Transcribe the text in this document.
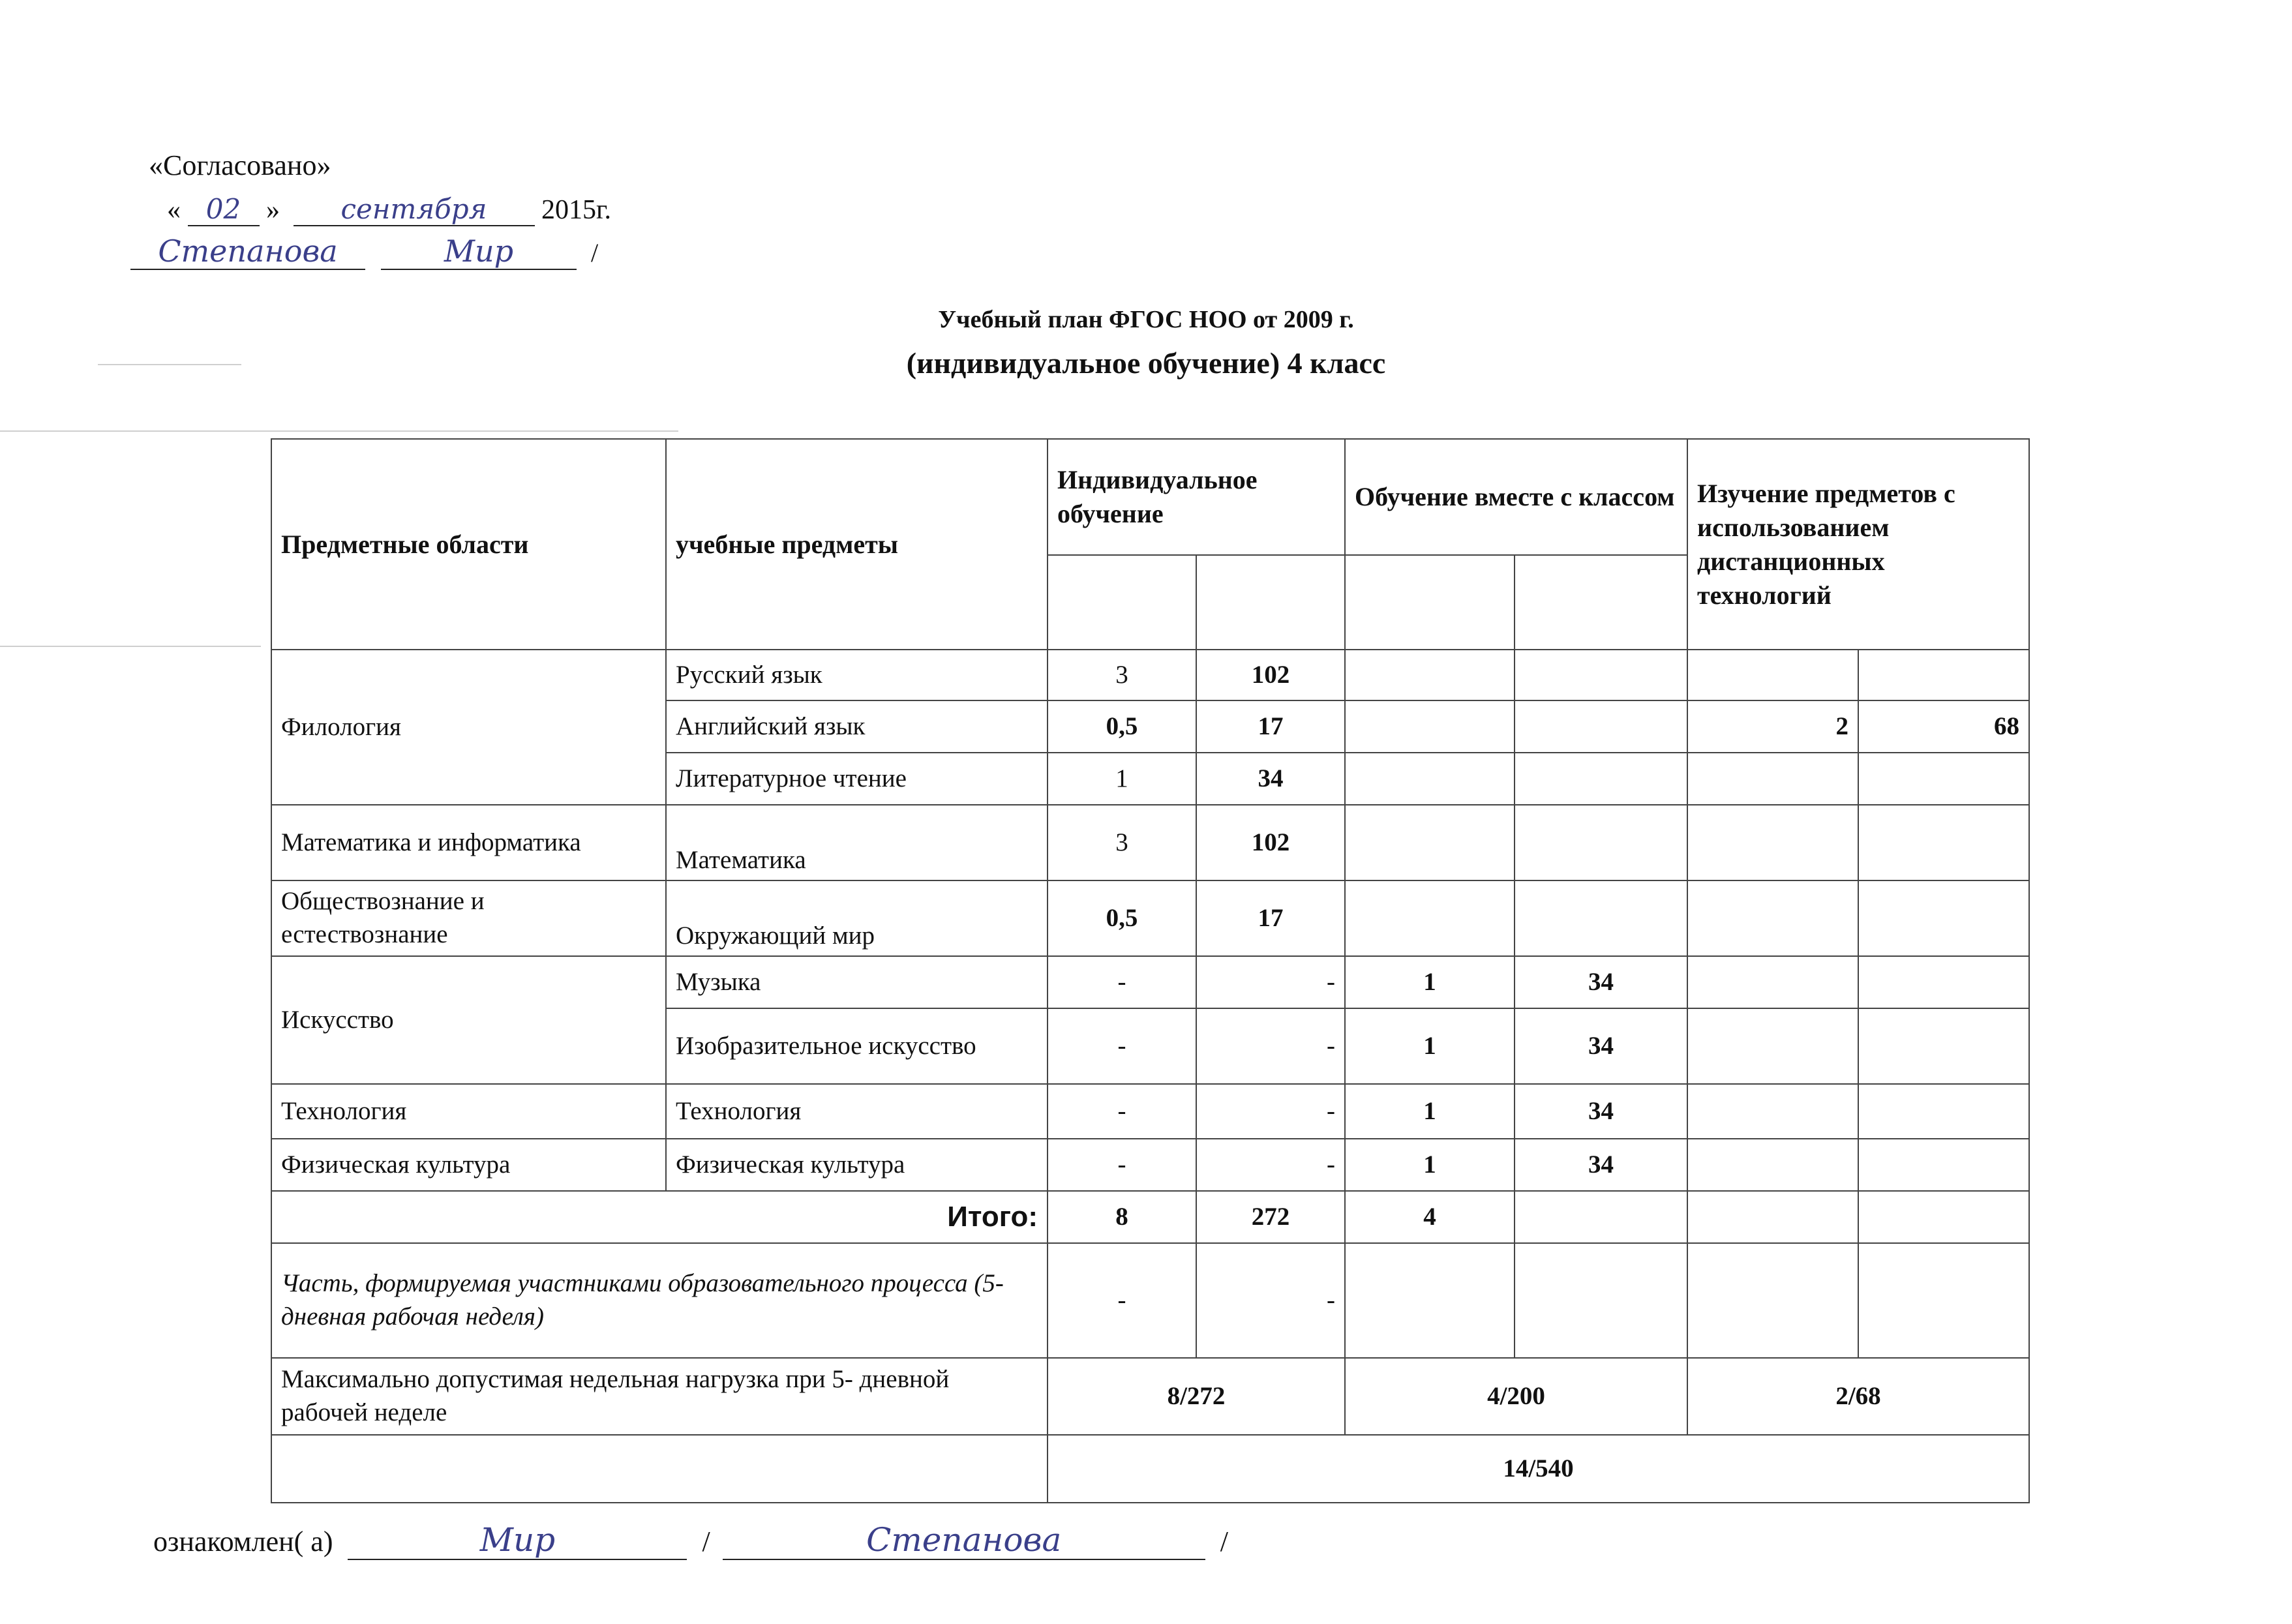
«Согласовано»
« 02 » сентября 2015г.
Степанова	Мир	/
Учебный план ФГОС НОО от 2009 г.
(индивидуальное обучение) 4 класс
Предметные области	учебные предметы	Индивидуальное обучение		Обучение вместе с классом		Изучение предметов с использованием дистанционных технологий	

Филология	Русский язык	3	102				
	Английский язык	0,5	17			2	68
	Литературное чтение	1	34				
Математика и информатика	Математика	3	102				
Обществознание и естествознание	Окружающий мир	0,5	17				
Искусство	Музыка	-	-	1	34		
	Изобразительное искусство	-	-	1	34		
Технология	Технология	-	-	1	34		
Физическая культура	Физическая культура	-	-	1	34		
Итого:		8	272	4			
Часть, формируемая участниками образовательного процесса (5- дневная рабочая неделя)		-	-				
Максимально допустимая недельная нагрузка при 5- дневной рабочей неделе		8/272		4/200		2/68	
		14/540					
ознакомлен( а)	Мир	/	Степанова	/
